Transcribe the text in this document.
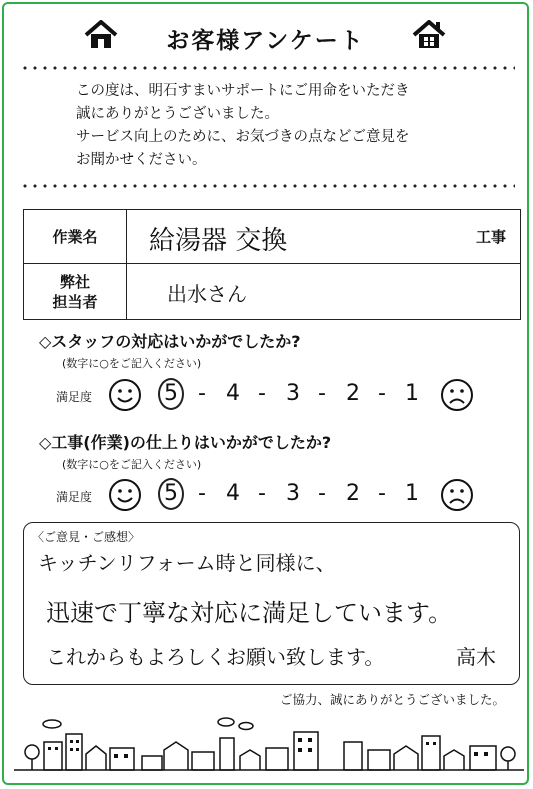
お客様アンケート
この度は、明石すまいサポートにご用命をいただき
誠にありがとうございました。
サービス向上のために、お気づきの点などご意見を
お聞かせください。
作業名	給湯器 交換 工事

弊社
担当者	出水さん
◇スタッフの対応はいかがでしたか?
(数字に○をご記入ください)
満足度	5 - 4 - 3 - 2 - 1
◇工事(作業)の仕上りはいかがでしたか?
(数字に○をご記入ください)
満足度	5 - 4 - 3 - 2 - 1
〈ご意見・ご感想〉
キッチンリフォーム時と同様に、
迅速で丁寧な対応に満足しています。
これからもよろしくお願い致します。	高木
ご協力、誠にありがとうございました。
